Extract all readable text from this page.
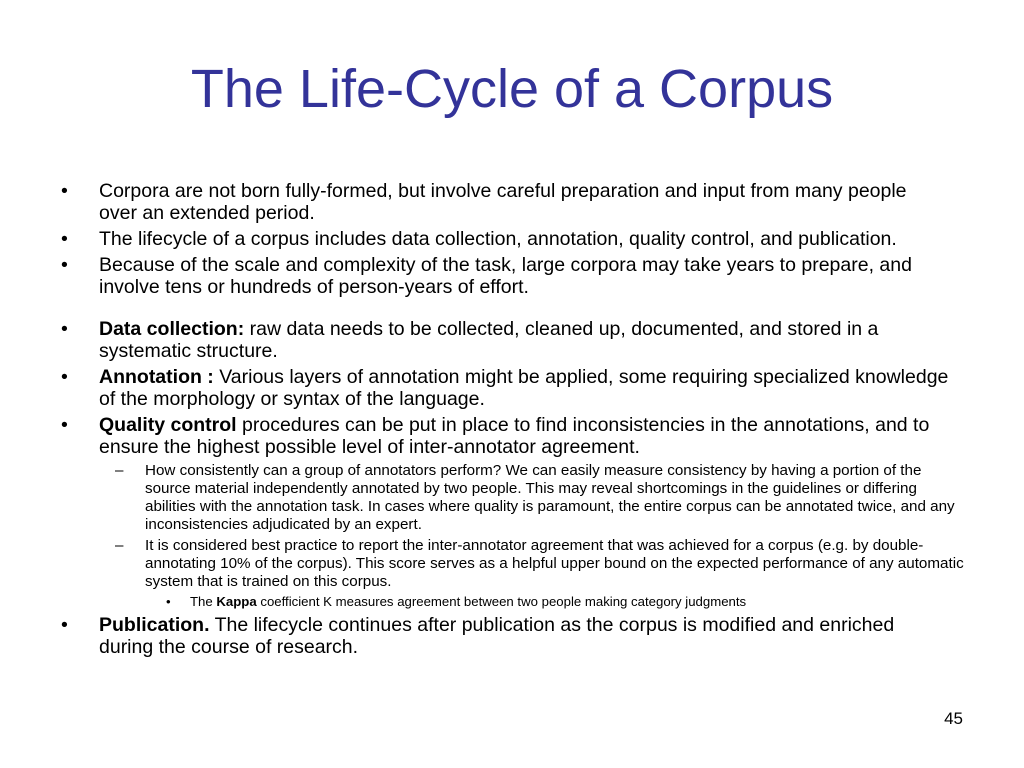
The Life-Cycle of a Corpus
• Corpora are not born fully-formed, but involve careful preparation and input from many people over an extended period.
• The lifecycle of a corpus includes data collection, annotation, quality control, and publication.
• Because of the scale and complexity of the task, large corpora may take years to prepare, and involve tens or hundreds of person-years of effort.
• Data collection: raw data needs to be collected, cleaned up, documented, and stored in a systematic structure.
• Annotation : Various layers of annotation might be applied, some requiring specialized knowledge of the morphology or syntax of the language.
• Quality control procedures can be put in place to find inconsistencies in the annotations, and to ensure the highest possible level of inter-annotator agreement.
– How consistently can a group of annotators perform? We can easily measure consistency by having a portion of the source material independently annotated by two people. This may reveal shortcomings in the guidelines or differing abilities with the annotation task. In cases where quality is paramount, the entire corpus can be annotated twice, and any inconsistencies adjudicated by an expert.
– It is considered best practice to report the inter-annotator agreement that was achieved for a corpus (e.g. by double-annotating 10% of the corpus). This score serves as a helpful upper bound on the expected performance of any automatic system that is trained on this corpus.
• The Kappa coefficient K measures agreement between two people making category judgments
• Publication. The lifecycle continues after publication as the corpus is modified and enriched during the course of research.
45
